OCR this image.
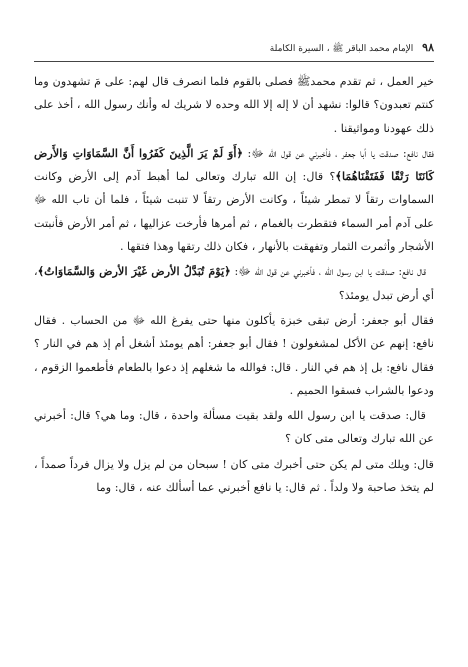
٩٨ الإمام محمد الباقر ﷺ ، السيرة الكاملة

خير العمل ، ثم تقدم محمدﷺ فصلى بالقوم فلما انصرف قال لهم: على مَ تشهدون وما كنتم تعبدون؟ قالوا: نشهد أن لا إله إلا الله وحده لا شريك له وأنك رسول الله ، أخذ على ذلك عهودنا ومواثيقنا .

فقال نافع: صدقت يا أبا جعفر ، فأخبرني عن قول الله ﷻ: ﴿أَوَ لَمْ يَرَ الَّذِينَ كَفَرُوا أَنَّ السَّمَاوَاتِ وَالأَرض كَانَتَا رَتْقًا فَفَتَقْنَاهُمَا﴾؟ قال: إن الله تبارك وتعالى لما أهبط آدم إلى الأرض وكانت السماوات رتقاً لا تمطر شيئاً ، وكانت الأرض رتقاً لا تنبت شيئاً ، فلما أن تاب الله ﷻ على آدم أمر السماء فتقطرت بالغمام ، ثم أمرها فأرخت عزاليها ، ثم أمر الأرض فأنبتت الأشجار وأثمرت الثمار وتفهقت بالأنهار ، فكان ذلك رتقها وهذا فتقها .

قال نافع: صدقت يا ابن رسول الله ، فأخبرني عن قول الله ﷻ: ﴿يَوْمَ تُبَدَّلُ الأرض غَيْرَ الأرض وَالسَّمَاوَاتُ﴾، أي أرض تبدل يومئذ؟

فقال أبو جعفر: أرض تبقى خبزة يأكلون منها حتى يفرغ الله ﷻ من الحساب . فقال نافع: إنهم عن الأكل لمشغولون ! فقال أبو جعفر: أهم يومئذ أشغل أم إذ هم في النار ؟ فقال نافع: بل إذ هم في النار . قال: فوالله ما شغلهم إذ دعوا بالطعام فأطعموا الزقوم ، ودعوا بالشراب فسقوا الحميم .

قال: صدقت يا ابن رسول الله ولقد بقيت مسألة واحدة ، قال: وما هي؟ قال: أخبرني عن الله تبارك وتعالى متى كان ؟

قال: ويلك متى لم يكن حتى أخبرك متى كان ! سبحان من لم يزل ولا يزال فرداً صمداً ، لم يتخذ صاحبة ولا ولداً . ثم قال: يا نافع أخبرني عما أسألك عنه ، قال: وما
